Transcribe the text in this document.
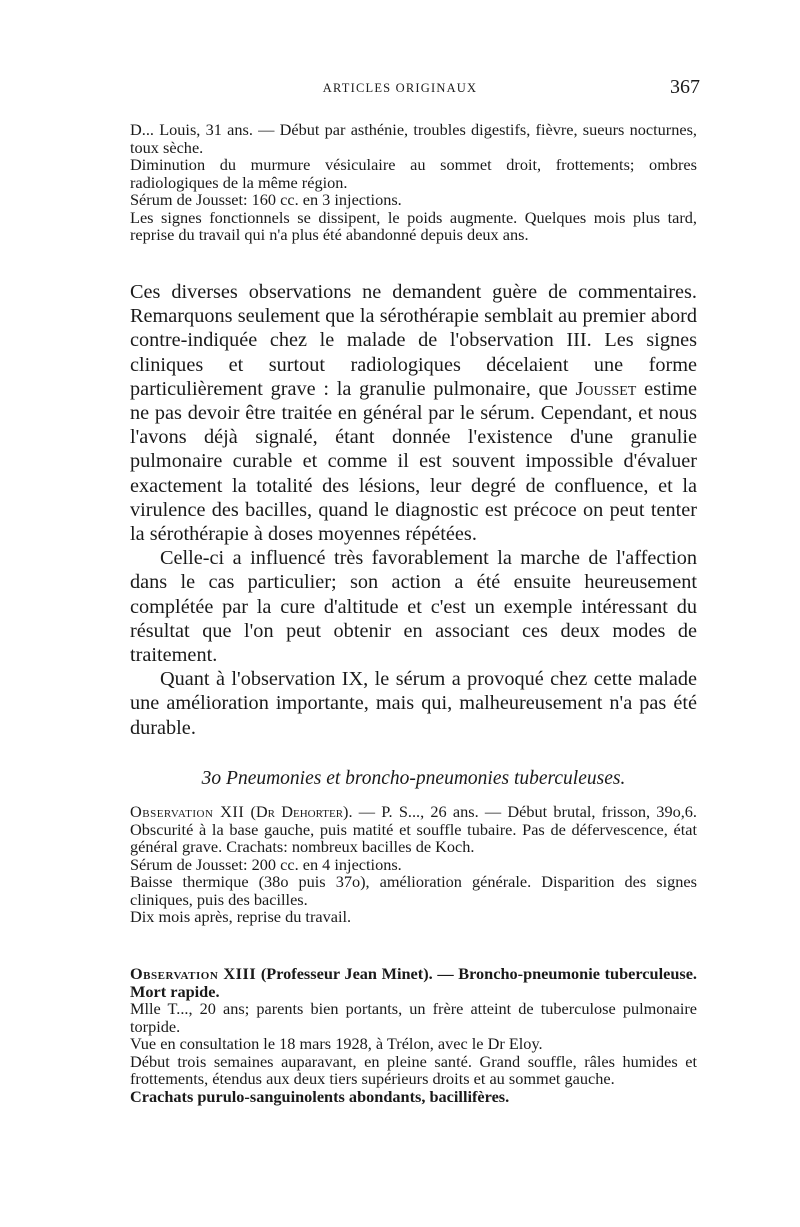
ARTICLES ORIGINAUX	367

D... Louis, 31 ans. — Début par asthénie, troubles digestifs, fièvre, sueurs nocturnes, toux sèche.

Diminution du murmure vésiculaire au sommet droit, frottements; ombres radiologiques de la même région.

Sérum de Jousset: 160 cc. en 3 injections.

Les signes fonctionnels se dissipent, le poids augmente. Quelques mois plus tard, reprise du travail qui n'a plus été abandonné depuis deux ans.

Ces diverses observations ne demandent guère de commentaires. Remarquons seulement que la sérothérapie semblait au premier abord contre-indiquée chez le malade de l'observation III. Les signes cliniques et surtout radiologiques décelaient une forme particulièrement grave : la granulie pulmonaire, que Jousset estime ne pas devoir être traitée en général par le sérum. Cependant, et nous l'avons déjà signalé, étant donnée l'existence d'une granulie pulmonaire curable et comme il est souvent impossible d'évaluer exactement la totalité des lésions, leur degré de confluence, et la virulence des bacilles, quand le diagnostic est précoce on peut tenter la sérothérapie à doses moyennes répétées.

Celle-ci a influencé très favorablement la marche de l'affection dans le cas particulier; son action a été ensuite heureusement complétée par la cure d'altitude et c'est un exemple intéressant du résultat que l'on peut obtenir en associant ces deux modes de traitement.

Quant à l'observation IX, le sérum a provoqué chez cette malade une amélioration importante, mais qui, malheureusement n'a pas été durable.

3o Pneumonies et broncho-pneumonies tuberculeuses.

Observation XII (Dr Dehorter). — P. S..., 26 ans. — Début brutal, frisson, 39o,6. Obscurité à la base gauche, puis matité et souffle tubaire. Pas de défervescence, état général grave. Crachats: nombreux bacilles de Koch.

Sérum de Jousset: 200 cc. en 4 injections.

Baisse thermique (38o puis 37o), amélioration générale. Disparition des signes cliniques, puis des bacilles.

Dix mois après, reprise du travail.

Observation XIII (Professeur Jean Minet). — Broncho-pneumonie tuberculeuse. Mort rapide.

Mlle T..., 20 ans; parents bien portants, un frère atteint de tuberculose pulmonaire torpide.

Vue en consultation le 18 mars 1928, à Trélon, avec le Dr Eloy.

Début trois semaines auparavant, en pleine santé. Grand souffle, râles humides et frottements, étendus aux deux tiers supérieurs droits et au sommet gauche.

Crachats purulo-sanguinolents abondants, bacillifères.
